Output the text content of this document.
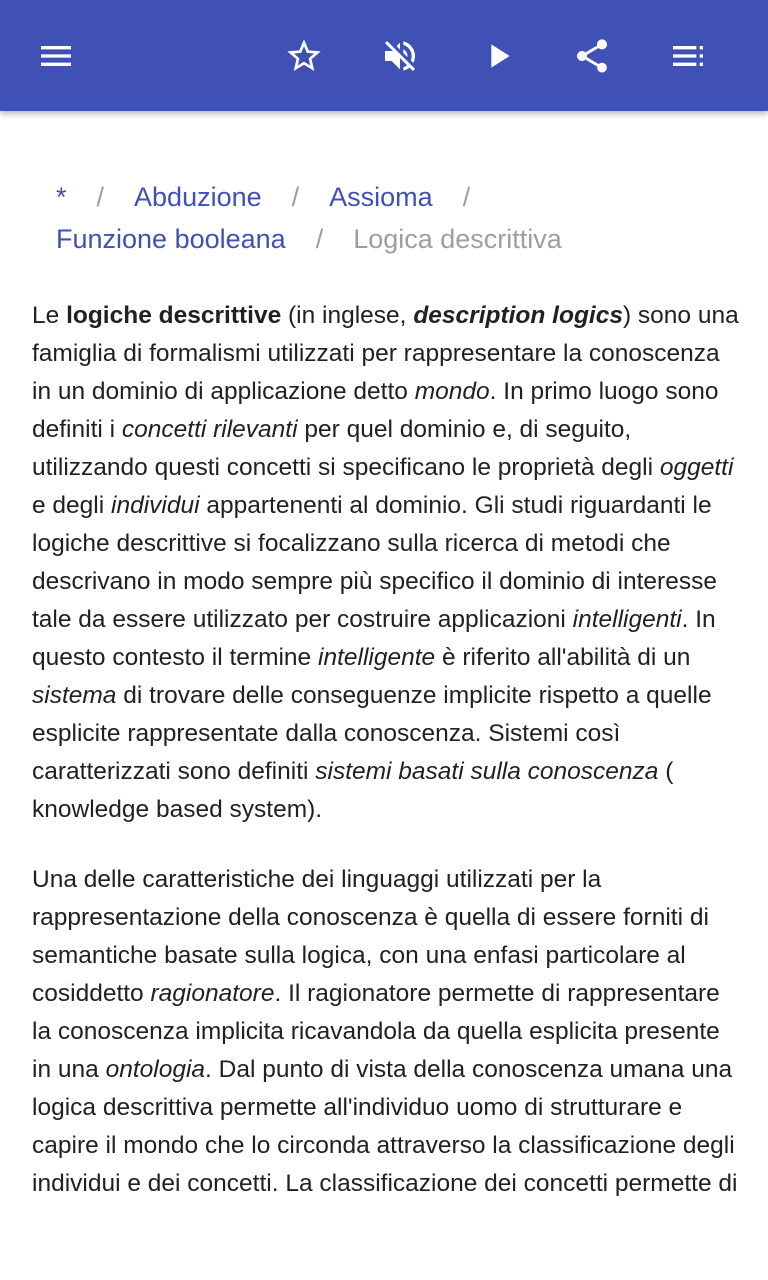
* / Abduzione / Assioma /
Funzione booleana / Logica descrittiva

Le logiche descrittive (in inglese, description logics) sono una famiglia di formalismi utilizzati per rappresentare la conoscenza in un dominio di applicazione detto mondo. In primo luogo sono definiti i concetti rilevanti per quel dominio e, di seguito, utilizzando questi concetti si specificano le proprietà degli oggetti e degli individui appartenenti al dominio. Gli studi riguardanti le logiche descrittive si focalizzano sulla ricerca di metodi che descrivano in modo sempre più specifico il dominio di interesse tale da essere utilizzato per costruire applicazioni intelligenti. In questo contesto il termine intelligente è riferito all'abilità di un sistema di trovare delle conseguenze implicite rispetto a quelle esplicite rappresentate dalla conoscenza. Sistemi così caratterizzati sono definiti sistemi basati sulla conoscenza ( knowledge based system).

Una delle caratteristiche dei linguaggi utilizzati per la rappresentazione della conoscenza è quella di essere forniti di semantiche basate sulla logica, con una enfasi particolare al cosiddetto ragionatore. Il ragionatore permette di rappresentare la conoscenza implicita ricavandola da quella esplicita presente in una ontologia. Dal punto di vista della conoscenza umana una logica descrittiva permette all'individuo uomo di strutturare e capire il mondo che lo circonda attraverso la classificazione degli individui e dei concetti. La classificazione dei concetti permette di
